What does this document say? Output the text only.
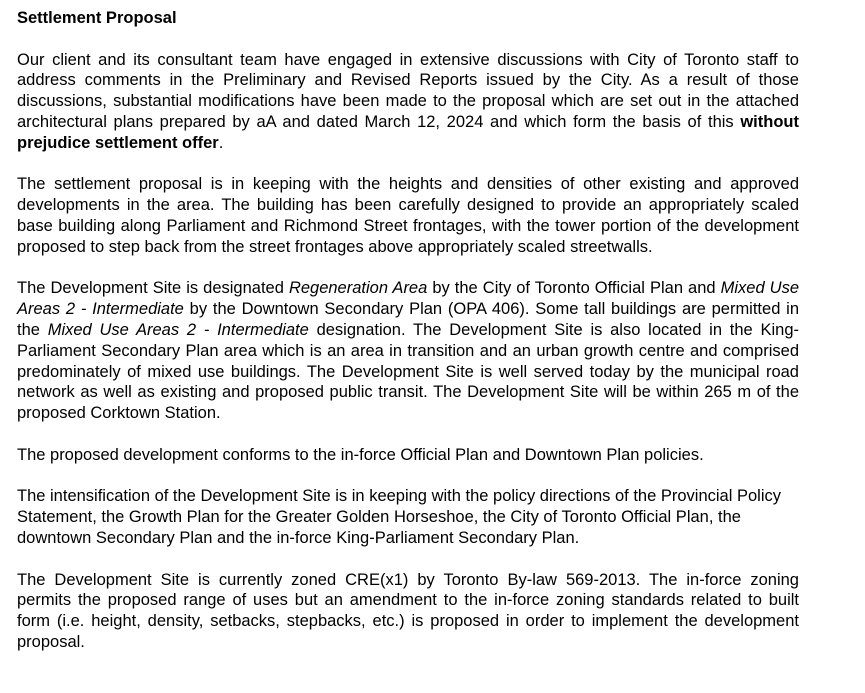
Settlement Proposal

Our client and its consultant team have engaged in extensive discussions with City of Toronto staff to address comments in the Preliminary and Revised Reports issued by the City. As a result of those discussions, substantial modifications have been made to the proposal which are set out in the attached architectural plans prepared by aA and dated March 12, 2024 and which form the basis of this without prejudice settlement offer.

The settlement proposal is in keeping with the heights and densities of other existing and approved developments in the area. The building has been carefully designed to provide an appropriately scaled base building along Parliament and Richmond Street frontages, with the tower portion of the development proposed to step back from the street frontages above appropriately scaled streetwalls.

The Development Site is designated Regeneration Area by the City of Toronto Official Plan and Mixed Use Areas 2 - Intermediate by the Downtown Secondary Plan (OPA 406). Some tall buildings are permitted in the Mixed Use Areas 2 - Intermediate designation. The Development Site is also located in the King-Parliament Secondary Plan area which is an area in transition and an urban growth centre and comprised predominately of mixed use buildings. The Development Site is well served today by the municipal road network as well as existing and proposed public transit. The Development Site will be within 265 m of the proposed Corktown Station.

The proposed development conforms to the in-force Official Plan and Downtown Plan policies.

The intensification of the Development Site is in keeping with the policy directions of the Provincial Policy Statement, the Growth Plan for the Greater Golden Horseshoe, the City of Toronto Official Plan, the downtown Secondary Plan and the in-force King-Parliament Secondary Plan.

The Development Site is currently zoned CRE(x1) by Toronto By-law 569-2013. The in-force zoning permits the proposed range of uses but an amendment to the in-force zoning standards related to built form (i.e. height, density, setbacks, stepbacks, etc.) is proposed in order to implement the development proposal.
